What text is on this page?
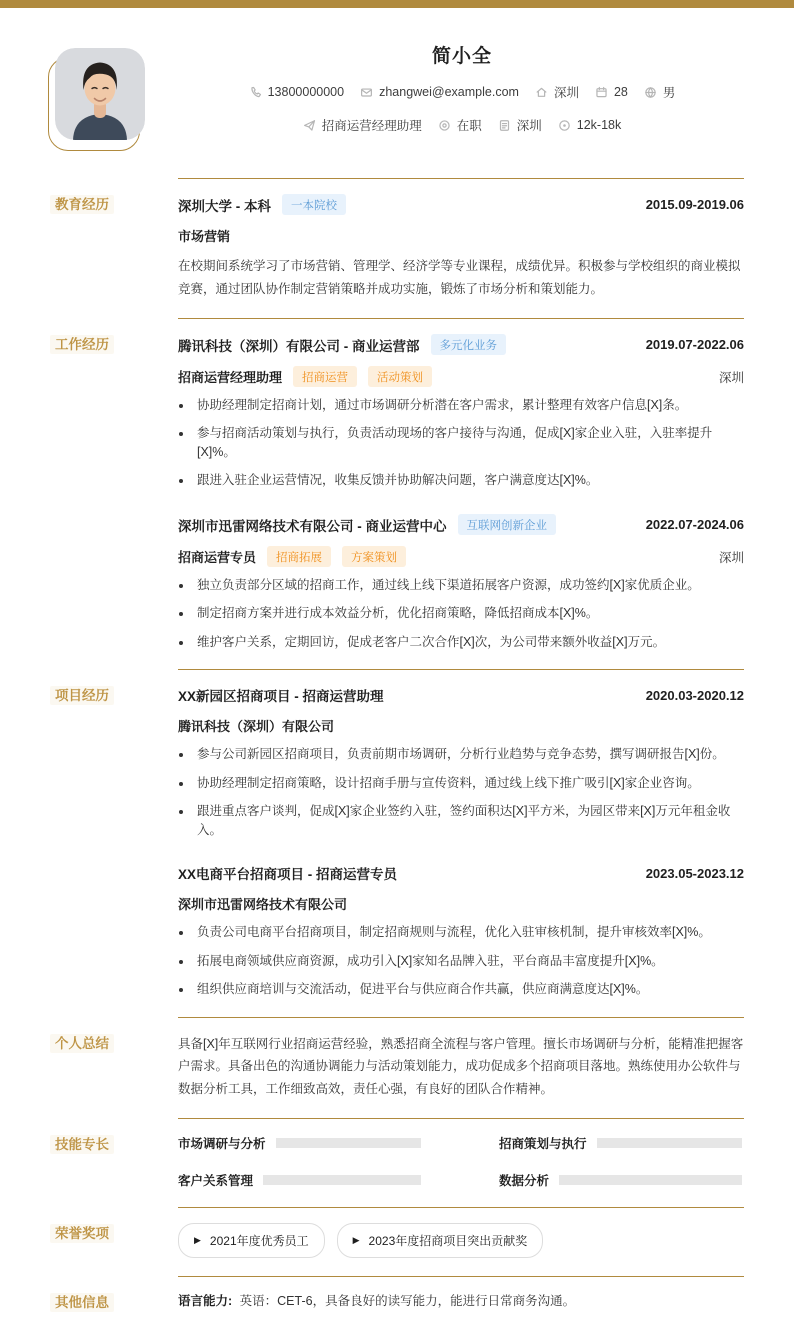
简小全
13800000000	zhangwei@example.com	深圳	28	男
招商运营经理助理	在职	深圳	12k-18k
教育经历	深圳大学 - 本科	一本院校	2015.09-2019.06
市场营销
在校期间系统学习了市场营销、管理学、经济学等专业课程，成绩优异。积极参与学校组织的商业模拟竞赛，通过团队协作制定营销策略并成功实施，锻炼了市场分析和策划能力。
工作经历	腾讯科技（深圳）有限公司 - 商业运营部	多元化业务	2019.07-2022.06
招商运营经理助理	招商运营	活动策划	深圳
• 协助经理制定招商计划，通过市场调研分析潜在客户需求，累计整理有效客户信息[X]条。
• 参与招商活动策划与执行，负责活动现场的客户接待与沟通，促成[X]家企业入驻，入驻率提升[X]%。
• 跟进入驻企业运营情况，收集反馈并协助解决问题，客户满意度达[X]%。
深圳市迅雷网络技术有限公司 - 商业运营中心	互联网创新企业	2022.07-2024.06
招商运营专员	招商拓展	方案策划	深圳
• 独立负责部分区域的招商工作，通过线上线下渠道拓展客户资源，成功签约[X]家优质企业。
• 制定招商方案并进行成本效益分析，优化招商策略，降低招商成本[X]%。
• 维护客户关系，定期回访，促成老客户二次合作[X]次，为公司带来额外收益[X]万元。
项目经历	XX新园区招商项目 - 招商运营助理	2020.03-2020.12
腾讯科技（深圳）有限公司
• 参与公司新园区招商项目，负责前期市场调研，分析行业趋势与竞争态势，撰写调研报告[X]份。
• 协助经理制定招商策略，设计招商手册与宣传资料，通过线上线下推广吸引[X]家企业咨询。
• 跟进重点客户谈判，促成[X]家企业签约入驻，签约面积达[X]平方米，为园区带来[X]万元年租金收入。
XX电商平台招商项目 - 招商运营专员	2023.05-2023.12
深圳市迅雷网络技术有限公司
• 负责公司电商平台招商项目，制定招商规则与流程，优化入驻审核机制，提升审核效率[X]%。
• 拓展电商领域供应商资源，成功引入[X]家知名品牌入驻，平台商品丰富度提升[X]%。
• 组织供应商培训与交流活动，促进平台与供应商合作共赢，供应商满意度达[X]%。
个人总结	具备[X]年互联网行业招商运营经验，熟悉招商全流程与客户管理。擅长市场调研与分析，能精准把握客户需求。具备出色的沟通协调能力与活动策划能力，成功促成多个招商项目落地。熟练使用办公软件与数据分析工具，工作细致高效，责任心强，有良好的团队合作精神。
技能专长	市场调研与分析	招商策划与执行
客户关系管理	数据分析
荣誉奖项	▶ 2021年度优秀员工	▶ 2023年度招商项目突出贡献奖
其他信息	语言能力: 英语：CET-6，具备良好的读写能力，能进行日常商务沟通。
